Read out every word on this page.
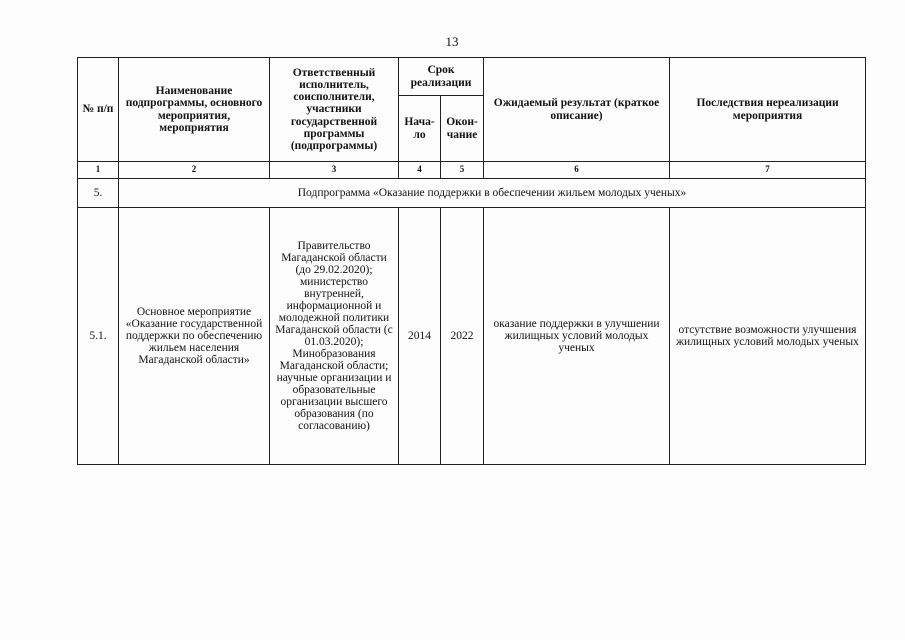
13
№ п/п	Наименование подпрограммы, основного мероприятия, мероприятия	Ответственный исполнитель, соисполнители, участники государственной программы (подпрограммы)	Срок реализации		Ожидаемый результат (краткое описание)	Последствия нереализации мероприятия
			Нача-ло	Окон-чание		
1	2	3	4	5	6	7
5.	Подпрограмма «Оказание поддержки в обеспечении жильем молодых ученых»					
5.1.	Основное мероприятие «Оказание государственной поддержки по обеспечению жильем населения Магаданской области»	Правительство Магаданской области (до 29.02.2020); министерство внутренней, информационной и молодежной политики Магаданской области (с 01.03.2020); Минобразования Магаданской области; научные организации и образовательные организации высшего образования (по согласованию)	2014	2022	оказание поддержки в улучшении жилищных условий молодых ученых	отсутствие возможности улучшения жилищных условий молодых ученых
